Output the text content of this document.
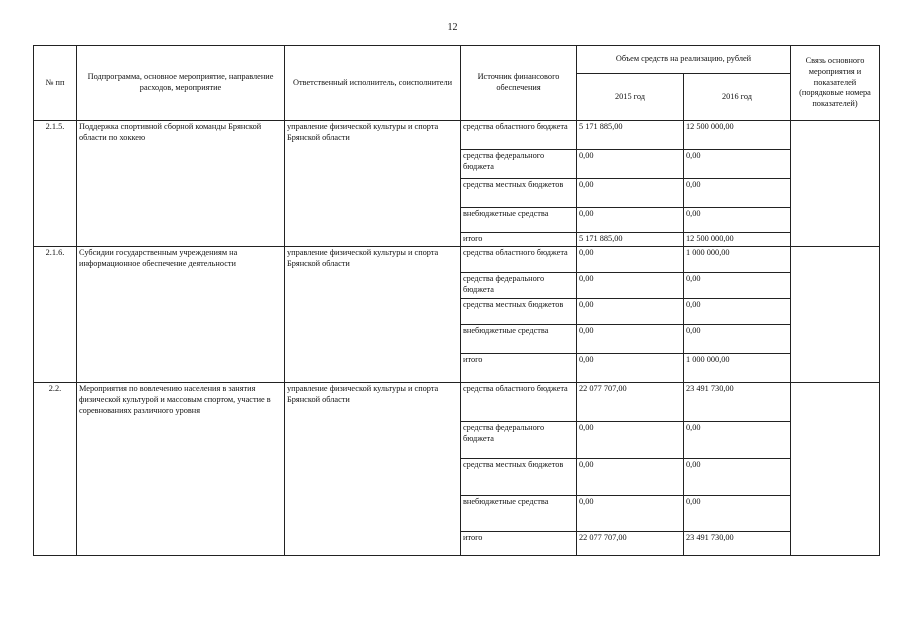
12
№ пп	Подпрограмма, основное мероприятие, направление расходов, мероприятие	Ответственный исполнитель, соисполнители	Источник финансового обеспечения	Объем средств на реализацию, рублей		Связь основного мероприятия и показателей (порядковые номера показателей)
				2015 год	2016 год	
2.1.5.	Поддержка спортивной сборной команды Брянской области по хоккею	управление физической культуры и спорта Брянской области	средства областного бюджета	5 171 885,00	12 500 000,00	
			средства федерального бюджета	0,00	0,00	
			средства местных бюджетов	0,00	0,00	
			внебюджетные средства	0,00	0,00	
			итого	5 171 885,00	12 500 000,00	
2.1.6.	Субсидии государственным учреждениям на информационное обеспечение деятельности	управление физической культуры и спорта Брянской области	средства областного бюджета	0,00	1 000 000,00	
			средства федерального бюджета	0,00	0,00	
			средства местных бюджетов	0,00	0,00	
			внебюджетные средства	0,00	0,00	
			итого	0,00	1 000 000,00	
2.2.	Мероприятия по вовлечению населения в занятия физической культурой и массовым спортом, участие в соревнованиях различного уровня	управление физической культуры и спорта Брянской области	средства областного бюджета	22 077 707,00	23 491 730,00	
			средства федерального бюджета	0,00	0,00	
			средства местных бюджетов	0,00	0,00	
			внебюджетные средства	0,00	0,00	
			итого	22 077 707,00	23 491 730,00	
